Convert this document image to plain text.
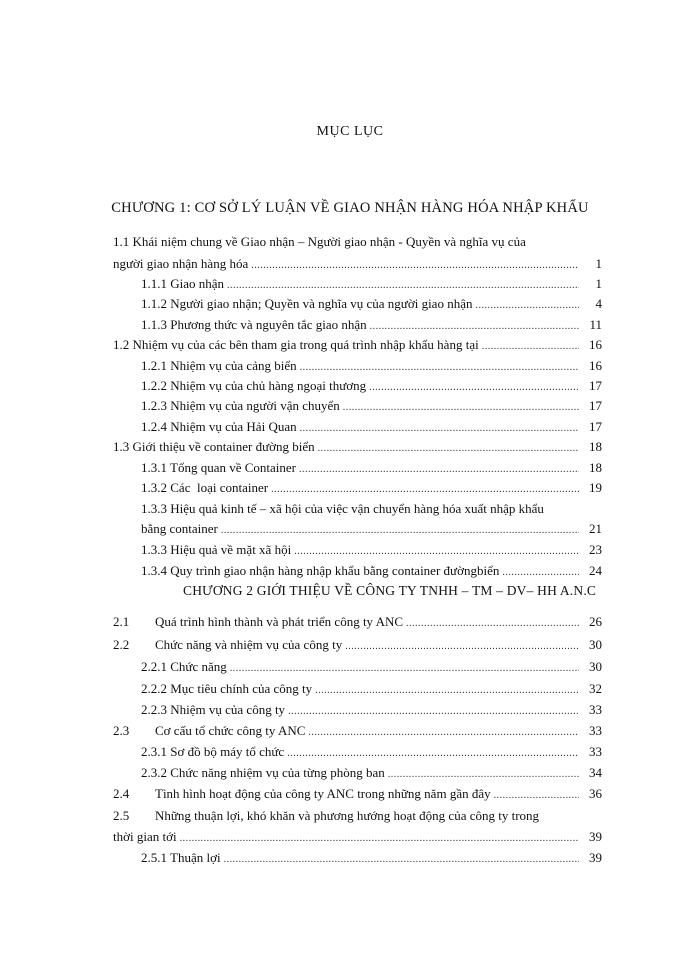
MỤC LỤC
CHƯƠNG 1: CƠ SỞ LÝ LUẬN VỀ GIAO NHẬN HÀNG HÓA NHẬP KHẨU
1.1 Khái niệm chung về Giao nhận – Người giao nhận - Quyền và nghĩa vụ của
người giao nhận hàng hóa .....	1
1.1.1 Giao nhận .....	1
1.1.2 Người giao nhận; Quyền và nghĩa vụ của người giao nhận .....	4
1.1.3 Phương thức và nguyên tắc giao nhận .....	11
1.2 Nhiệm vụ của các bên tham gia trong quá trình nhập khẩu hàng tại .....	16
1.2.1 Nhiệm vụ của cảng biển .....	16
1.2.2 Nhiệm vụ của chủ hàng ngoại thương .....	17
1.2.3 Nhiệm vụ của người vận chuyển .....	17
1.2.4 Nhiệm vụ của Hải Quan .....	17
1.3 Giới thiệu về container đường biển .....	18
1.3.1 Tổng quan về Container .....	18
1.3.2 Các  loại container .....	19
1.3.3 Hiệu quả kinh tế – xã hội của việc vận chuyển hàng hóa xuất nhập khẩu
bằng container .....	21
1.3.3 Hiệu quả về mặt xã hội .....	23
1.3.4 Quy trình giao nhận hàng nhập khẩu bằng container đườngbiển .....	24
CHƯƠNG 2 GIỚI THIỆU VỀ CÔNG TY TNHH – TM – DV– HH A.N.C
2.1	Quá trình hình thành và phát triển công ty ANC .....	26
2.2	Chức năng và nhiệm vụ của công ty .....	30
2.2.1 Chức năng .....	30
2.2.2 Mục tiêu chính của công ty .....	32
2.2.3 Nhiệm vụ của công ty .....	33
2.3	Cơ cấu tổ chức công ty ANC .....	33
2.3.1 Sơ đồ bộ máy tổ chức .....	33
2.3.2 Chức năng nhiệm vụ của từng phòng ban .....	34
2.4	Tình hình hoạt động của công ty ANC trong những năm gần đây .....	36
2.5 Những thuận lợi, khó khăn và phương hướng hoạt động của công ty trong
thời gian tới .....	39
2.5.1 Thuận lợi .....	39
